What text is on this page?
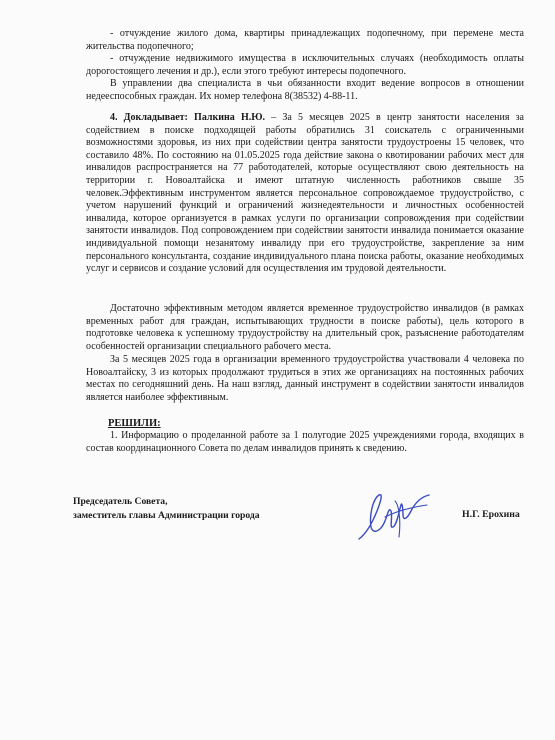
- отчуждение жилого дома, квартиры принадлежащих подопечному, при перемене места жительства подопечного;

- отчуждение недвижимого имущества в исключительных случаях (необходимость оплаты дорогостоящего лечения и др.), если этого требуют интересы подопечного.

В управлении два специалиста в чьи обязанности входит ведение вопросов в отношении недееспособных граждан. Их номер телефона 8(38532) 4-88-11.

4. Докладывает: Палкина Н.Ю. – За 5 месяцев 2025 в центр занятости населения за содействием в поиске подходящей работы обратились 31 соискатель с ограниченными возможностями здоровья, из них при содействии центра занятости трудоустроены 15 человек, что составило 48%. По состоянию на 01.05.2025 года действие закона о квотировании рабочих мест для инвалидов распространяется на 77 работодателей, которые осуществляют свою деятельность на территории г. Новоалтайска и имеют штатную численность работников свыше 35 человек.Эффективным инструментом является персональное сопровождаемое трудоустройство, с учетом нарушений функций и ограничений жизнедеятельности и личностных особенностей инвалида, которое организуется в рамках услуги по организации сопровождения при содействии занятости инвалидов. Под сопровождением при содействии занятости инвалида понимается оказание индивидуальной помощи незанятому инвалиду при его трудоустройстве, закрепление за ним персонального консультанта, создание индивидуального плана поиска работы, оказание необходимых услуг и сервисов и создание условий для осуществления им трудовой деятельности.

Достаточно эффективным методом является временное трудоустройство инвалидов (в рамках временных работ для граждан, испытывающих трудности в поиске работы), цель которого в подготовке человека к успешному трудоустройству на длительный срок, разъяснение работодателям особенностей организации специального рабочего места.

За 5 месяцев 2025 года в организации временного трудоустройства участвовали 4 человека по Новоалтайску, 3 из которых продолжают трудиться в этих же организациях на постоянных рабочих местах по сегодняшний день. На наш взгляд, данный инструмент в содействии занятости инвалидов является наиболее эффективным.

РЕШИЛИ:

1. Информацию о проделанной работе за 1 полугодие 2025 учреждениями города, входящих в состав координационного Совета по делам инвалидов принять к сведению.

Председатель Совета,
заместитель главы Администрации города	Н.Г. Ерохина
